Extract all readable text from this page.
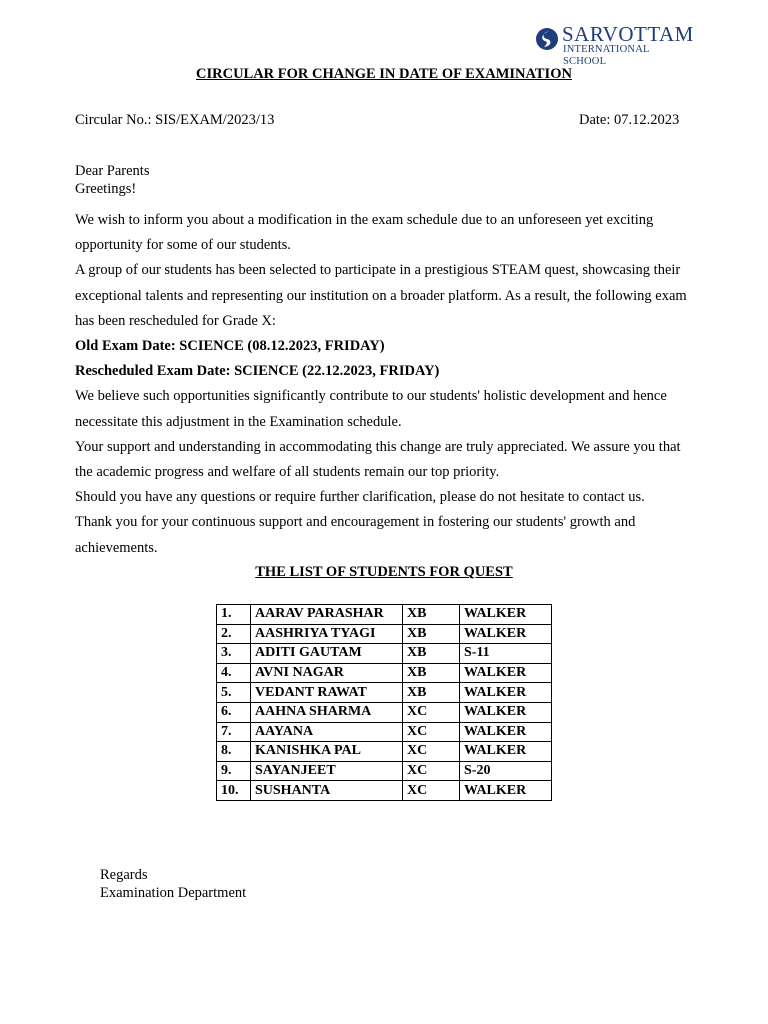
SARVOTTAM
INTERNATIONAL SCHOOL
CIRCULAR FOR CHANGE IN DATE OF EXAMINATION
Circular No.: SIS/EXAM/2023/13	Date: 07.12.2023
Dear Parents
Greetings!

We wish to inform you about a modification in the exam schedule due to an unforeseen yet exciting opportunity for some of our students.

A group of our students has been selected to participate in a prestigious STEAM quest, showcasing their exceptional talents and representing our institution on a broader platform. As a result, the following exam has been rescheduled for Grade X:

Old Exam Date: SCIENCE (08.12.2023, FRIDAY)

Rescheduled Exam Date: SCIENCE (22.12.2023, FRIDAY)

We believe such opportunities significantly contribute to our students' holistic development and hence necessitate this adjustment in the Examination schedule.

Your support and understanding in accommodating this change are truly appreciated. We assure you that the academic progress and welfare of all students remain our top priority.

Should you have any questions or require further clarification, please do not hesitate to contact us.

Thank you for your continuous support and encouragement in fostering our students' growth and achievements.

THE LIST OF STUDENTS FOR QUEST
1.	AARAV PARASHAR	XB	WALKER
2.	AASHRIYA TYAGI	XB	WALKER
3.	ADITI GAUTAM	XB	S-11
4.	AVNI NAGAR	XB	WALKER
5.	VEDANT RAWAT	XB	WALKER
6.	AAHNA SHARMA	XC	WALKER
7.	AAYANA	XC	WALKER
8.	KANISHKA PAL	XC	WALKER
9.	SAYANJEET	XC	S-20
10.	SUSHANTA	XC	WALKER
Regards
Examination Department
